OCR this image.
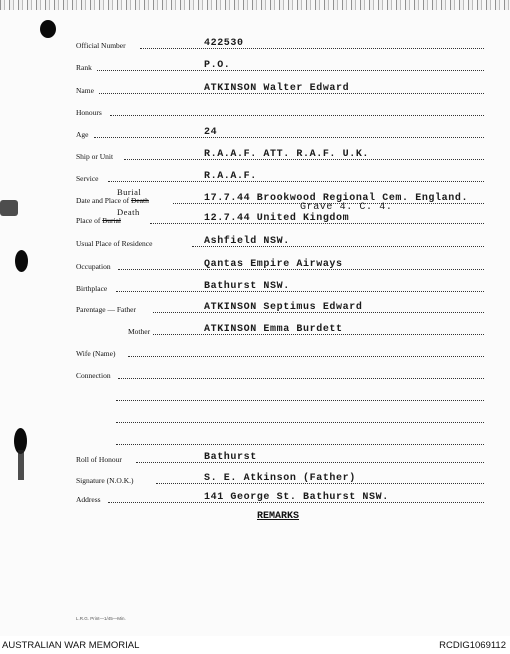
Official Number	422530
Rank	P.O.
Name	ATKINSON Walter Edward
Honours
Age	24
Ship or Unit	R.A.A.F. ATT. R.A.F. U.K.
Service	R.A.A.F.
Burial
Date and Place of Death	17.7.44 Brookwood Regional Cem. England.
Grave 4. C. 4.
Death
Place of Burial	12.7.44 United Kingdom
Usual Place of Residence	Ashfield NSW.
Occupation	Qantas Empire Airways
Birthplace	Bathurst NSW.
Parentage — Father	ATKINSON Septimus Edward
Mother	ATKINSON Emma Burdett
Wife (Name)
Connection
Roll of Honour	Bathurst
Signature (N.O.K.)	S. E. Atkinson (Father)
Address	141 George St. Bathurst NSW.
REMARKS
L.R.G. Print—1/45—Min.
AUSTRALIAN WAR MEMORIAL	RCDIG1069112
